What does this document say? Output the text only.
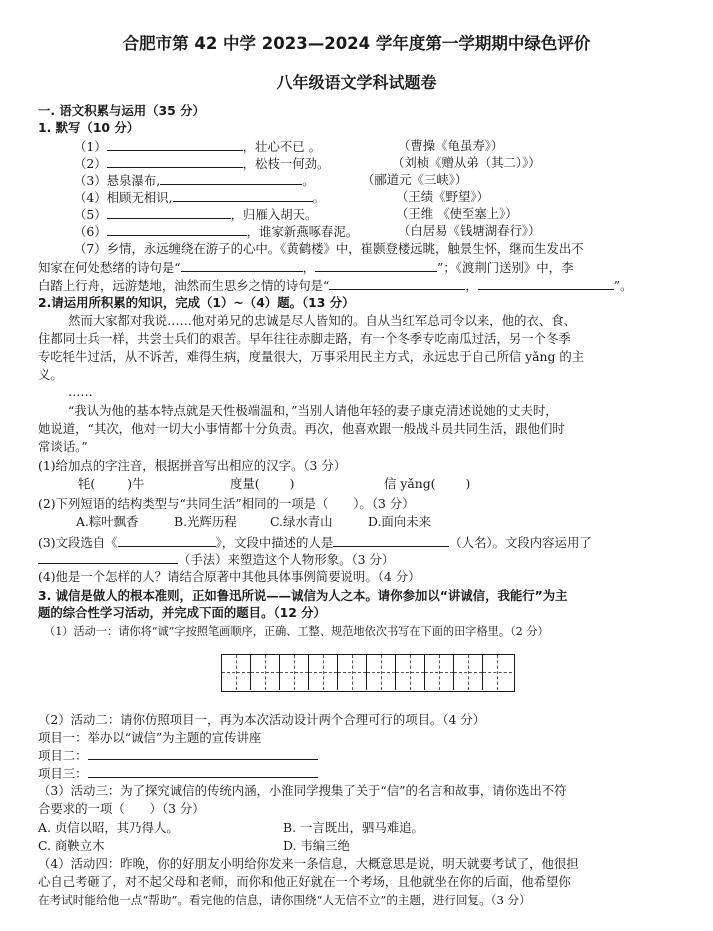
合肥市第 42 中学 2023—2024 学年度第一学期期中绿色评价
八年级语文学科试题卷
一. 语文积累与运用（35 分）
1. 默写（10 分）
（1）	，壮心不已 。	（曹操《龟虽寿》）
（2）	，松枝一何劲。	（刘桢《赠从弟（其二）》）
（3）悬泉瀑布,	。	（郦道元《三峡》）
（4）相顾无相识,	。	（王绩《野望》）
（5）	，归雁入胡天。	（王维 《使至塞上》）
（6）	，谁家新燕啄春泥。	（白居易《钱塘湖春行》）
（7）乡情，永远缠绕在游子的心中。《黄鹤楼》中，崔颢登楼远眺，触景生怀，继而生发出不
知家在何处愁绪的诗句是“	，	”；《渡荆门送别》中，李
白踏上行舟，远游楚地，油然而生思乡之情的诗句是“	，	”。
2.请运用所积累的知识，完成（1）~（4）题。（13 分）
然而大家都对我说……他对弟兄的忠诚是尽人皆知的。自从当红军总司令以来，他的衣、食、
住都同士兵一样，共尝士兵们的艰苦。早年往往赤脚走路，有一个冬季专吃南瓜过活，另一个冬季
专吃牦牛过活，从不诉苦，难得生病，度量很大，万事采用民主方式，永远忠于自己所信 yǎng 的主
义。
……
“我认为他的基本特点就是天性极端温和，”当别人请他年轻的妻子康克清述说她的丈夫时，
她说道，“其次，他对一切大小事情都十分负责。再次，他喜欢跟一般战斗员共同生活，跟他们时
常谈话。”
(1)给加点的字注音，根据拼音写出相应的汉字。（3 分）
牦(	)牛	度量( )	信 yǎng( )
(2)下列短语的结构类型与“共同生活”相同的一项是（　　）。（3 分）
A.粽叶飘香	B.光辉历程	C.绿水青山	D.面向未来
(3)文段选自《	》，文段中描述的人是	（人名）。文段内容运用了
（手法）来塑造这个人物形象。（3 分）
(4)他是一个怎样的人？请结合原著中其他具体事例简要说明。（4 分）
3. 诚信是做人的根本准则，正如鲁迅所说——诚信为人之本。请你参加以“讲诚信，我能行”为主
题的综合性学习活动，并完成下面的题目。（12 分）
（1）活动一：请你将“诚”字按照笔画顺序，正确、工整、规范地依次书写在下面的田字格里。（2 分）
（2）活动二：请你仿照项目一，再为本次活动设计两个合理可行的项目。（4 分）
项目一：举办以“诚信”为主题的宣传讲座
项目二：
项目三：
（3）活动三：为了探究诚信的传统内涵，小淮同学搜集了关于“信”的名言和故事，请你选出不符
合要求的一项（　　）（3 分）
A. 贞信以昭，其乃得人。	B. 一言既出，驷马难追。
C. 商鞅立木	D. 韦编三绝
（4）活动四：昨晚，你的好朋友小明给你发来一条信息，大概意思是说，明天就要考试了，他很担
心自己考砸了，对不起父母和老师，而你和他正好就在一个考场，且他就坐在你的后面，他希望你
在考试时能给他一点“帮助”。看完他的信息，请你围绕“人无信不立”的主题，进行回复。（3 分）
